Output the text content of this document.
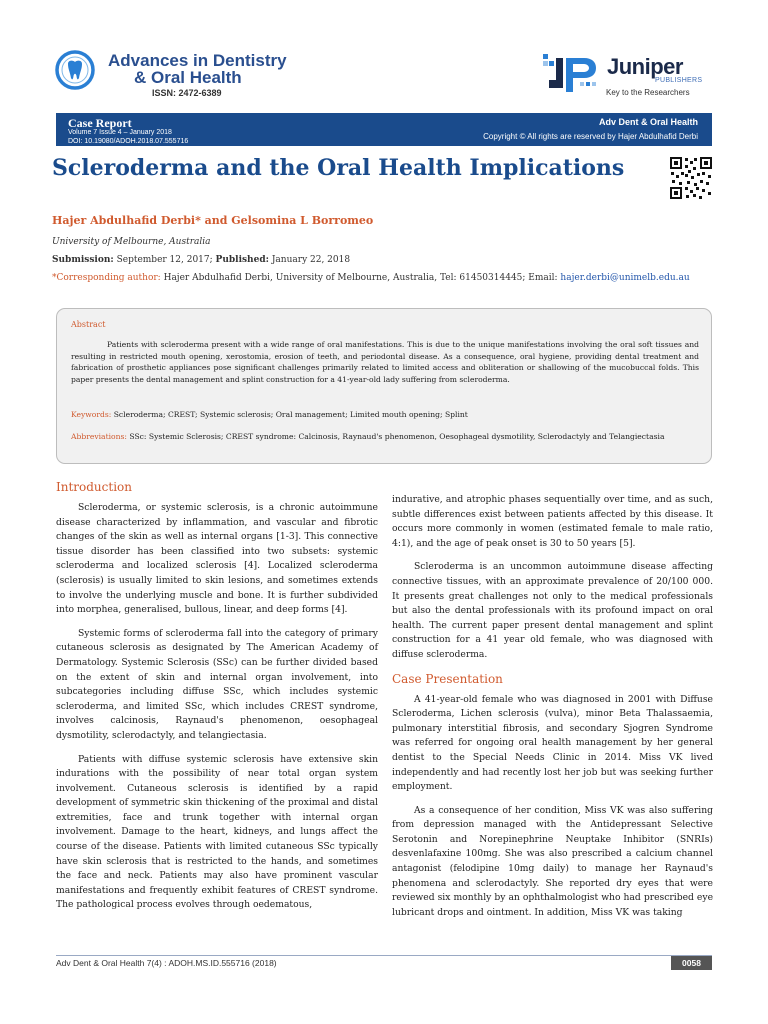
Advances in Dentistry
& Oral Health
ISSN: 2472-6389
Juniper
PUBLISHERS
Key to the Researchers
Case Report
Volume 7 Issue 4 – January 2018
DOI: 10.19080/ADOH.2018.07.555716
Adv Dent & Oral Health
Copyright © All rights are reserved by Hajer Abdulhafid Derbi
Scleroderma and the Oral Health Implications
Hajer Abdulhafid Derbi* and Gelsomina L Borromeo
University of Melbourne, Australia
Submission: September 12, 2017; Published: January 22, 2018
*Corresponding author: Hajer Abdulhafid Derbi, University of Melbourne, Australia, Tel: 61450314445; Email: hajer.derbi@unimelb.edu.au
Abstract
Patients with scleroderma present with a wide range of oral manifestations. This is due to the unique manifestations involving the oral soft tissues and resulting in restricted mouth opening, xerostomia, erosion of teeth, and periodontal disease. As a consequence, oral hygiene, providing dental treatment and fabrication of prosthetic appliances pose significant challenges primarily related to limited access and obliteration or shallowing of the mucobuccal folds. This paper presents the dental management and splint construction for a 41-year-old lady suffering from scleroderma.
Keywords: Scleroderma; CREST; Systemic sclerosis; Oral management; Limited mouth opening; Splint
Abbreviations: SSc: Systemic Sclerosis; CREST syndrome: Calcinosis, Raynaud's phenomenon, Oesophageal dysmotility, Sclerodactyly and Telangiectasia
Introduction

Scleroderma, or systemic sclerosis, is a chronic autoimmune disease characterized by inflammation, and vascular and fibrotic changes of the skin as well as internal organs [1-3]. This connective tissue disorder has been classified into two subsets: systemic scleroderma and localized sclerosis [4]. Localized scleroderma (sclerosis) is usually limited to skin lesions, and sometimes extends to involve the underlying muscle and bone. It is further subdivided into morphea, generalised, bullous, linear, and deep forms [4].

Systemic forms of scleroderma fall into the category of primary cutaneous sclerosis as designated by The American Academy of Dermatology. Systemic Sclerosis (SSc) can be further divided based on the extent of skin and internal organ involvement, into subcategories including diffuse SSc, which includes systemic scleroderma, and limited SSc, which includes CREST syndrome, involves calcinosis, Raynaud's phenomenon, oesophageal dysmotility, sclerodactyly, and telangiectasia.

Patients with diffuse systemic sclerosis have extensive skin indurations with the possibility of near total organ system involvement. Cutaneous sclerosis is identified by a rapid development of symmetric skin thickening of the proximal and distal extremities, face and trunk together with internal organ involvement. Damage to the heart, kidneys, and lungs affect the course of the disease. Patients with limited cutaneous SSc typically have skin sclerosis that is restricted to the hands, and sometimes the face and neck. Patients may also have prominent vascular manifestations and frequently exhibit features of CREST syndrome. The pathological process evolves through oedematous,

indurative, and atrophic phases sequentially over time, and as such, subtle differences exist between patients affected by this disease. It occurs more commonly in women (estimated female to male ratio, 4:1), and the age of peak onset is 30 to 50 years [5].

Scleroderma is an uncommon autoimmune disease affecting connective tissues, with an approximate prevalence of 20/100 000. It presents great challenges not only to the medical professionals but also the dental professionals with its profound impact on oral health. The current paper present dental management and splint construction for a 41 year old female, who was diagnosed with diffuse scleroderma.

Case Presentation

A 41-year-old female who was diagnosed in 2001 with Diffuse Scleroderma, Lichen sclerosis (vulva), minor Beta Thalassaemia, pulmonary interstitial fibrosis, and secondary Sjogren Syndrome was referred for ongoing oral health management by her general dentist to the Special Needs Clinic in 2014. Miss VK lived independently and had recently lost her job but was seeking further employment.

As a consequence of her condition, Miss VK was also suffering from depression managed with the Antidepressant Selective Serotonin and Norepinephrine Neuptake Inhibitor (SNRIs) desvenlafaxine 100mg. She was also prescribed a calcium channel antagonist (felodipine 10mg daily) to manage her Raynaud's phenomena and sclerodactyly. She reported dry eyes that were reviewed six monthly by an ophthalmologist who had prescribed eye lubricant drops and ointment. In addition, Miss VK was taking

Adv Dent & Oral Health 7(4) : ADOH.MS.ID.555716 (2018)	0058
